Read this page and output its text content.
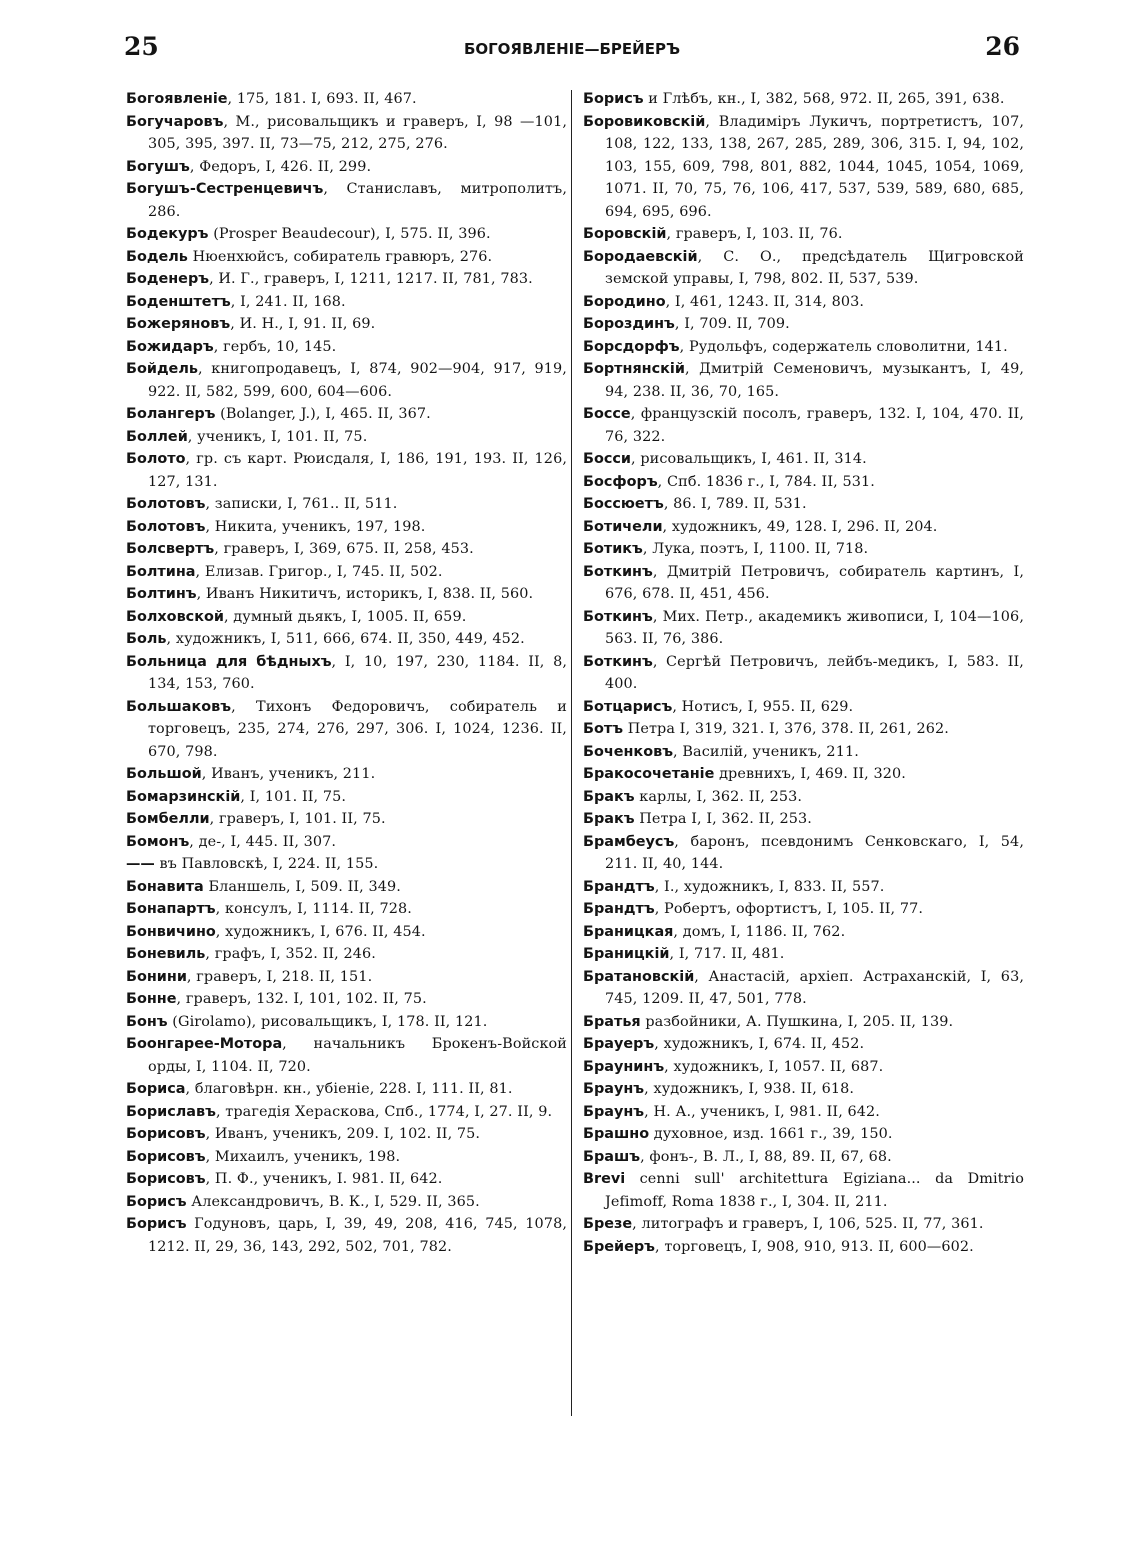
25	БОГОЯВЛЕНIЕ—БРЕЙЕРЪ	26
Богоявленiе, 175, 181. I, 693. II, 467.
Богучаровъ, М., рисовальщикъ и граверъ, I, 98 —101, 305, 395, 397. II, 73—75, 212, 275, 276.
Богушъ, Федоръ, I, 426. II, 299.
Богушъ-Сестренцевичъ, Станиславъ, митрополитъ, 286.
Бодекуръ (Prosper Beaudecour), I, 575. II, 396.
Бодель Нюенхюйсъ, собиратель гравюръ, 276.
Боденеръ, И. Г., граверъ, I, 1211, 1217. II, 781, 783.
Боденштетъ, I, 241. II, 168.
Божеряновъ, И. Н., I, 91. II, 69.
Божидаръ, гербъ, 10, 145.
Бойдель, книгопродавецъ, I, 874, 902—904, 917, 919, 922. II, 582, 599, 600, 604—606.
Болангеръ (Bolanger, J.), I, 465. II, 367.
Боллей, ученикъ, I, 101. II, 75.
Болото, гр. съ карт. Рюисдаля, I, 186, 191, 193. II, 126, 127, 131.
Болотовъ, записки, I, 761.. II, 511.
Болотовъ, Никита, ученикъ, 197, 198.
Болсвертъ, граверъ, I, 369, 675. II, 258, 453.
Болтина, Елизав. Григор., I, 745. II, 502.
Болтинъ, Иванъ Никитичъ, историкъ, I, 838. II, 560.
Болховской, думный дьякъ, I, 1005. II, 659.
Боль, художникъ, I, 511, 666, 674. II, 350, 449, 452.
Больница для бѣдныхъ, I, 10, 197, 230, 1184. II, 8, 134, 153, 760.
Большаковъ, Тихонъ Федоровичъ, собиратель и торговецъ, 235, 274, 276, 297, 306. I, 1024, 1236. II, 670, 798.
Большой, Иванъ, ученикъ, 211.
Бомарзинскій, I, 101. II, 75.
Бомбелли, граверъ, I, 101. II, 75.
Бомонъ, де-, I, 445. II, 307.
—— въ Павловскѣ, I, 224. II, 155.
Бонавита Бланшель, I, 509. II, 349.
Бонапартъ, консулъ, I, 1114. II, 728.
Бонвичино, художникъ, I, 676. II, 454.
Боневиль, графъ, I, 352. II, 246.
Бонини, граверъ, I, 218. II, 151.
Бонне, граверъ, 132. I, 101, 102. II, 75.
Бонъ (Girolamo), рисовальщикъ, I, 178. II, 121.
Боонгарее-Мотора, начальникъ Брокенъ-Войской орды, I, 1104. II, 720.
Бориса, благовѣрн. кн., убіеніе, 228. I, 111. II, 81.
Бориславъ, трагедія Хераскова, Спб., 1774, I, 27. II, 9.
Борисовъ, Иванъ, ученикъ, 209. I, 102. II, 75.
Борисовъ, Михаилъ, ученикъ, 198.
Борисовъ, П. Ф., ученикъ, I. 981. II, 642.
Борисъ Александровичъ, В. К., I, 529. II, 365.
Борисъ Годуновъ, царь, I, 39, 49, 208, 416, 745, 1078, 1212. II, 29, 36, 143, 292, 502, 701, 782.
Борисъ и Глѣбъ, кн., I, 382, 568, 972. II, 265, 391, 638.
Боровиковскій, Владиміръ Лукичъ, портретистъ, 107, 108, 122, 133, 138, 267, 285, 289, 306, 315. I, 94, 102, 103, 155, 609, 798, 801, 882, 1044, 1045, 1054, 1069, 1071. II, 70, 75, 76, 106, 417, 537, 539, 589, 680, 685, 694, 695, 696.
Боровскій, граверъ, I, 103. II, 76.
Бородаевскій, С. О., предсѣдатель Щигровской земской управы, I, 798, 802. II, 537, 539.
Бородино, I, 461, 1243. II, 314, 803.
Бороздинъ, I, 709. II, 709.
Борсдорфъ, Рудольфъ, содержатель словолитни, 141.
Бортнянскій, Дмитрій Семеновичъ, музыкантъ, I, 49, 94, 238. II, 36, 70, 165.
Боссе, французскій посолъ, граверъ, 132. I, 104, 470. II, 76, 322.
Босси, рисовальщикъ, I, 461. II, 314.
Босфоръ, Спб. 1836 г., I, 784. II, 531.
Боссюетъ, 86. I, 789. II, 531.
Ботичели, художникъ, 49, 128. I, 296. II, 204.
Ботикъ, Лука, поэтъ, I, 1100. II, 718.
Боткинъ, Дмитрій Петровичъ, собиратель картинъ, I, 676, 678. II, 451, 456.
Боткинъ, Мих. Петр., академикъ живописи, I, 104—106, 563. II, 76, 386.
Боткинъ, Сергѣй Петровичъ, лейбъ-медикъ, I, 583. II, 400.
Ботцарисъ, Нотисъ, I, 955. II, 629.
Ботъ Петра I, 319, 321. I, 376, 378. II, 261, 262.
Боченковъ, Василій, ученикъ, 211.
Бракосочетаніе древнихъ, I, 469. II, 320.
Бракъ карлы, I, 362. II, 253.
Бракъ Петра I, I, 362. II, 253.
Брамбеусъ, баронъ, псевдонимъ Сенковскаго, I, 54, 211. II, 40, 144.
Брандтъ, I., художникъ, I, 833. II, 557.
Брандтъ, Робертъ, офортистъ, I, 105. II, 77.
Браницкая, домъ, I, 1186. II, 762.
Браницкій, I, 717. II, 481.
Братановскій, Анастасій, архіеп. Астраханскій, I, 63, 745, 1209. II, 47, 501, 778.
Братья разбойники, А. Пушкина, I, 205. II, 139.
Брауеръ, художникъ, I, 674. II, 452.
Браунинъ, художникъ, I, 1057. II, 687.
Браунъ, художникъ, I, 938. II, 618.
Браунъ, Н. А., ученикъ, I, 981. II, 642.
Брашно духовное, изд. 1661 г., 39, 150.
Брашъ, фонъ-, В. Л., I, 88, 89. II, 67, 68.
Brevi cenni sull' architettura Egiziana... da Dmitrio Jefimoff, Roma 1838 г., I, 304. II, 211.
Брезе, литографъ и граверъ, I, 106, 525. II, 77, 361.
Брейеръ, торговецъ, I, 908, 910, 913. II, 600—602.
